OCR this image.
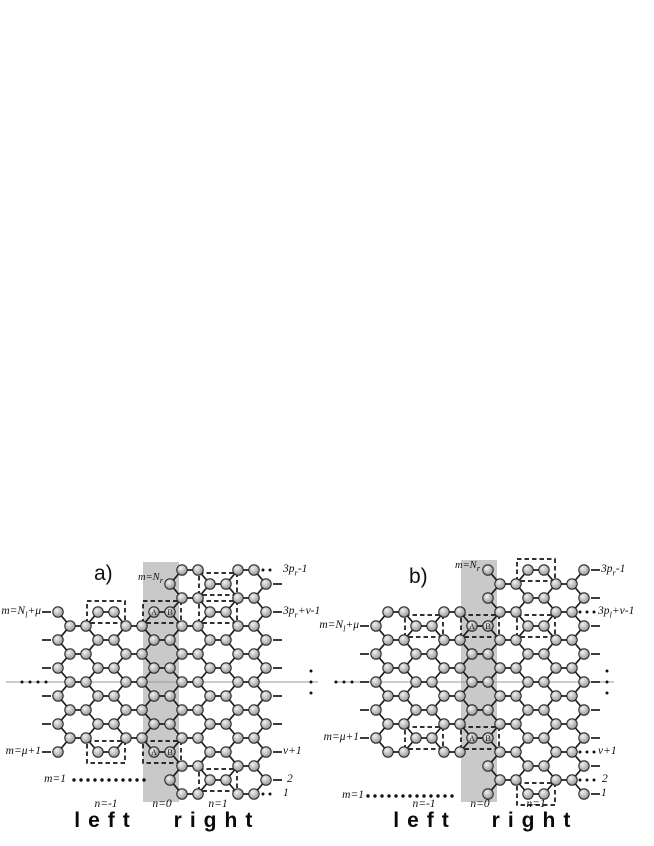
A B
A B
A B
A B
a) $m=N_r$
$m=N_l+\mu$
m=μ+1
m=1
n=-1	n=0	n=1
left	right
$3p_r-1$
$3p_r+\nu-1$
ν+1
2
1
b)	$m=N_r$
$m=N_l+\mu$
m=μ+1
m=1
n=-1	n=0	n=1
left	right
$3p_r-1$
$3p_l+\nu-1$
ν+1
2
1
